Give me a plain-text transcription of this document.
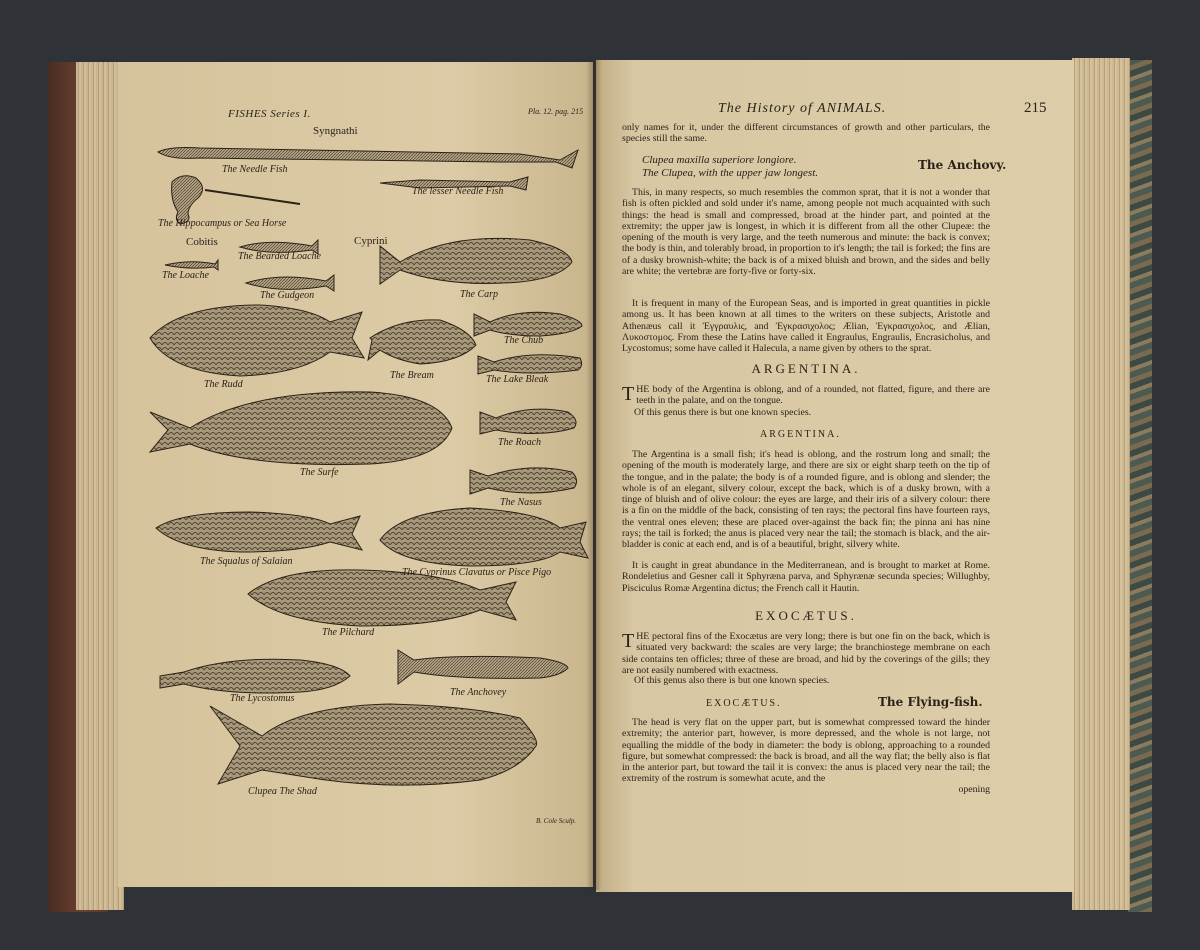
FISHES Series I.	Pla. 12. pag. 215
Syngnathi
Cobitis	Cyprini
The Needle Fish
The lesser Needle Fish
The Hippocampus or Sea Horse
The Bearded Loache
The Loache
The Gudgeon	The Carp
The Chub
The Rudd
The Bream	The Lake Bleak
The Roach
The Surfe
The Nasus
The Squalus of Salaian
The Cyprinus Clavatus or Pisce Pigo
The Pilchard
The Lycostomus
The Anchovey
Clupea The Shad
B. Cole Sculp.
The History of ANIMALS.	215
only names for it, under the different circumstances of growth and other particulars, the species still the same.
Clupea maxilla superiore longiore.
The Clupea, with the upper jaw longest.
The Anchovy.
This, in many respects, so much resembles the common sprat, that it is not a wonder that fish is often pickled and sold under it's name, among people not much acquainted with such things: the head is small and compressed, broad at the hinder part, and pointed at the extremity; the upper jaw is longest, in which it is different from all the other Clupeæ: the opening of the mouth is very large, and the teeth numerous and minute: the back is convex; the body is thin, and tolerably broad, in proportion to it's length; the tail is forked; the fins are of a dusky brownish-white; the back is of a mixed bluish and brown, and the sides and belly are white; the vertebræ are forty-five or forty-six.
It is frequent in many of the European Seas, and is imported in great quantities in pickle among us. It has been known at all times to the writers on these subjects, Aristotle and Athenæus call it Ἐγγραυλις, and Ἐγκρασιχολος; Ælian, Ἐγκρασιχολος, and Ælian, Λυκοστομος. From these the Latins have called it Engraulus, Engraulis, Encrasicholus, and Lycostomus; some have called it Halecula, a name given by others to the sprat.
ARGENTINA.
THE body of the Argentina is oblong, and of a rounded, not flatted, figure, and there are teeth in the palate, and on the tongue.
Of this genus there is but one known species.
ARGENTINA.
The Argentina is a small fish; it's head is oblong, and the rostrum long and small; the opening of the mouth is moderately large, and there are six or eight sharp teeth on the tip of the tongue, and in the palate; the body is of a rounded figure, and is oblong and slender; the whole is of an elegant, silvery colour, except the back, which is of a dusky brown, with a tinge of bluish and of olive colour: the eyes are large, and their iris of a silvery colour: there is a fin on the middle of the back, consisting of ten rays; the pectoral fins have fourteen rays, the ventral ones eleven; these are placed over-against the back fin; the pinna ani has nine rays; the tail is forked; the anus is placed very near the tail; the stomach is black, and the air-bladder is conic at each end, and is of a beautiful, bright, silvery white.
It is caught in great abundance in the Mediterranean, and is brought to market at Rome. Rondeletius and Gesner call it Sphyræna parva, and Sphyrænæ secunda species; Willughby, Pisciculus Romæ Argentina dictus; the French call it Hautin.
EXOCÆTUS.
THE pectoral fins of the Exocætus are very long; there is but one fin on the back, which is situated very backward: the scales are very large; the branchiostege membrane on each side contains ten officles; three of these are broad, and hid by the coverings of the gills; they are not easily numbered with exactness.
Of this genus also there is but one known species.
EXOCÆTUS.	The Flying-fish.
The head is very flat on the upper part, but is somewhat compressed toward the hinder extremity; the anterior part, however, is more depressed, and the whole is not large, not equalling the middle of the body in diameter: the body is oblong, approaching to a rounded figure, but somewhat compressed: the back is broad, and all the way flat; the belly also is flat in the anterior part, but toward the tail it is convex: the anus is placed very near the tail; the extremity of the rostrum is somewhat acute, and the
opening
